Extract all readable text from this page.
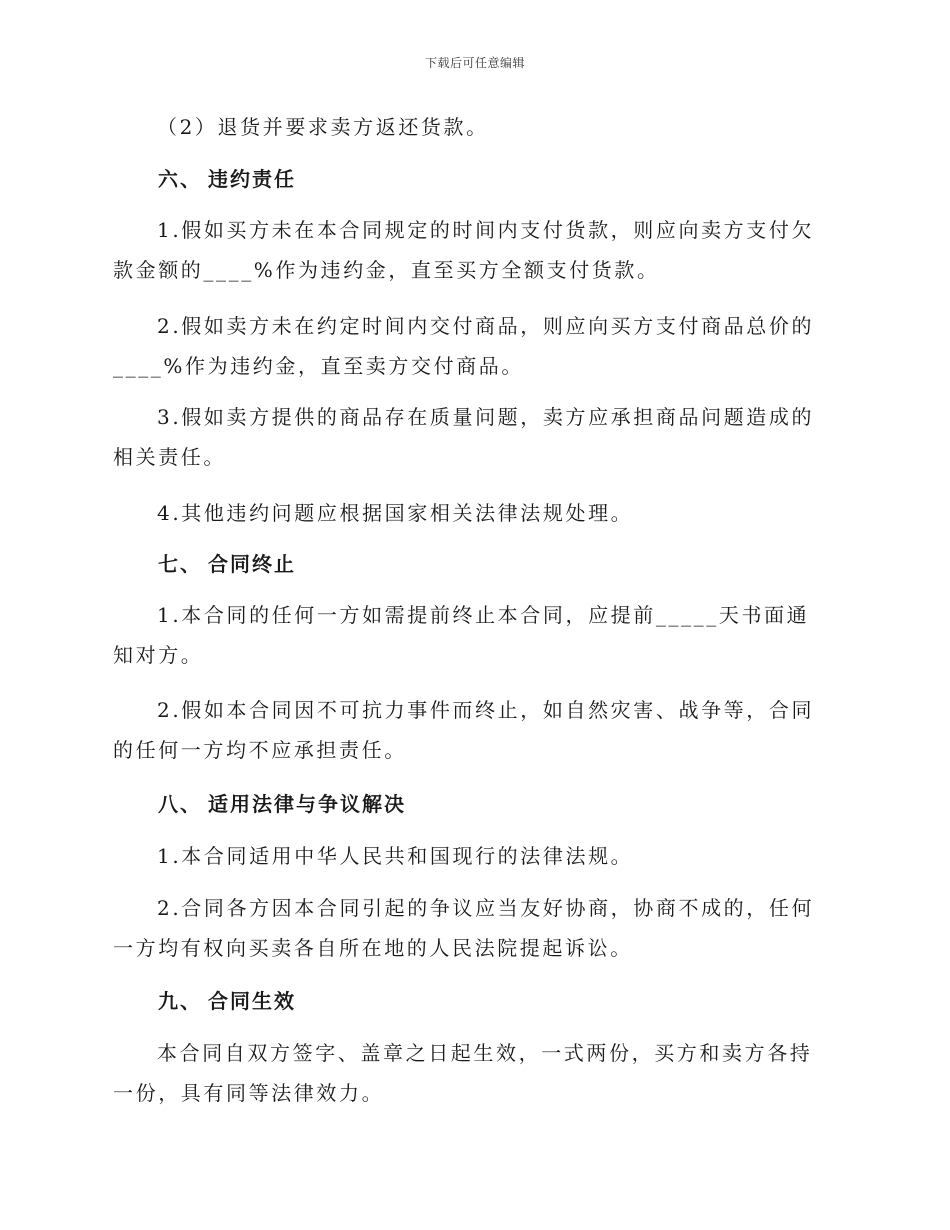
下载后可任意编辑

（2）退货并要求卖方返还货款。

六、 违约责任

1.假如买方未在本合同规定的时间内支付货款，则应向卖方支付欠款金额的____%作为违约金，直至买方全额支付货款。

2.假如卖方未在约定时间内交付商品，则应向买方支付商品总价的____%作为违约金，直至卖方交付商品。

3.假如卖方提供的商品存在质量问题，卖方应承担商品问题造成的相关责任。

4.其他违约问题应根据国家相关法律法规处理。

七、 合同终止

1.本合同的任何一方如需提前终止本合同，应提前_____天书面通知对方。

2.假如本合同因不可抗力事件而终止，如自然灾害、战争等，合同的任何一方均不应承担责任。

八、 适用法律与争议解决

1.本合同适用中华人民共和国现行的法律法规。

2.合同各方因本合同引起的争议应当友好协商，协商不成的，任何一方均有权向买卖各自所在地的人民法院提起诉讼。

九、 合同生效

本合同自双方签字、盖章之日起生效，一式两份，买方和卖方各持一份，具有同等法律效力。
